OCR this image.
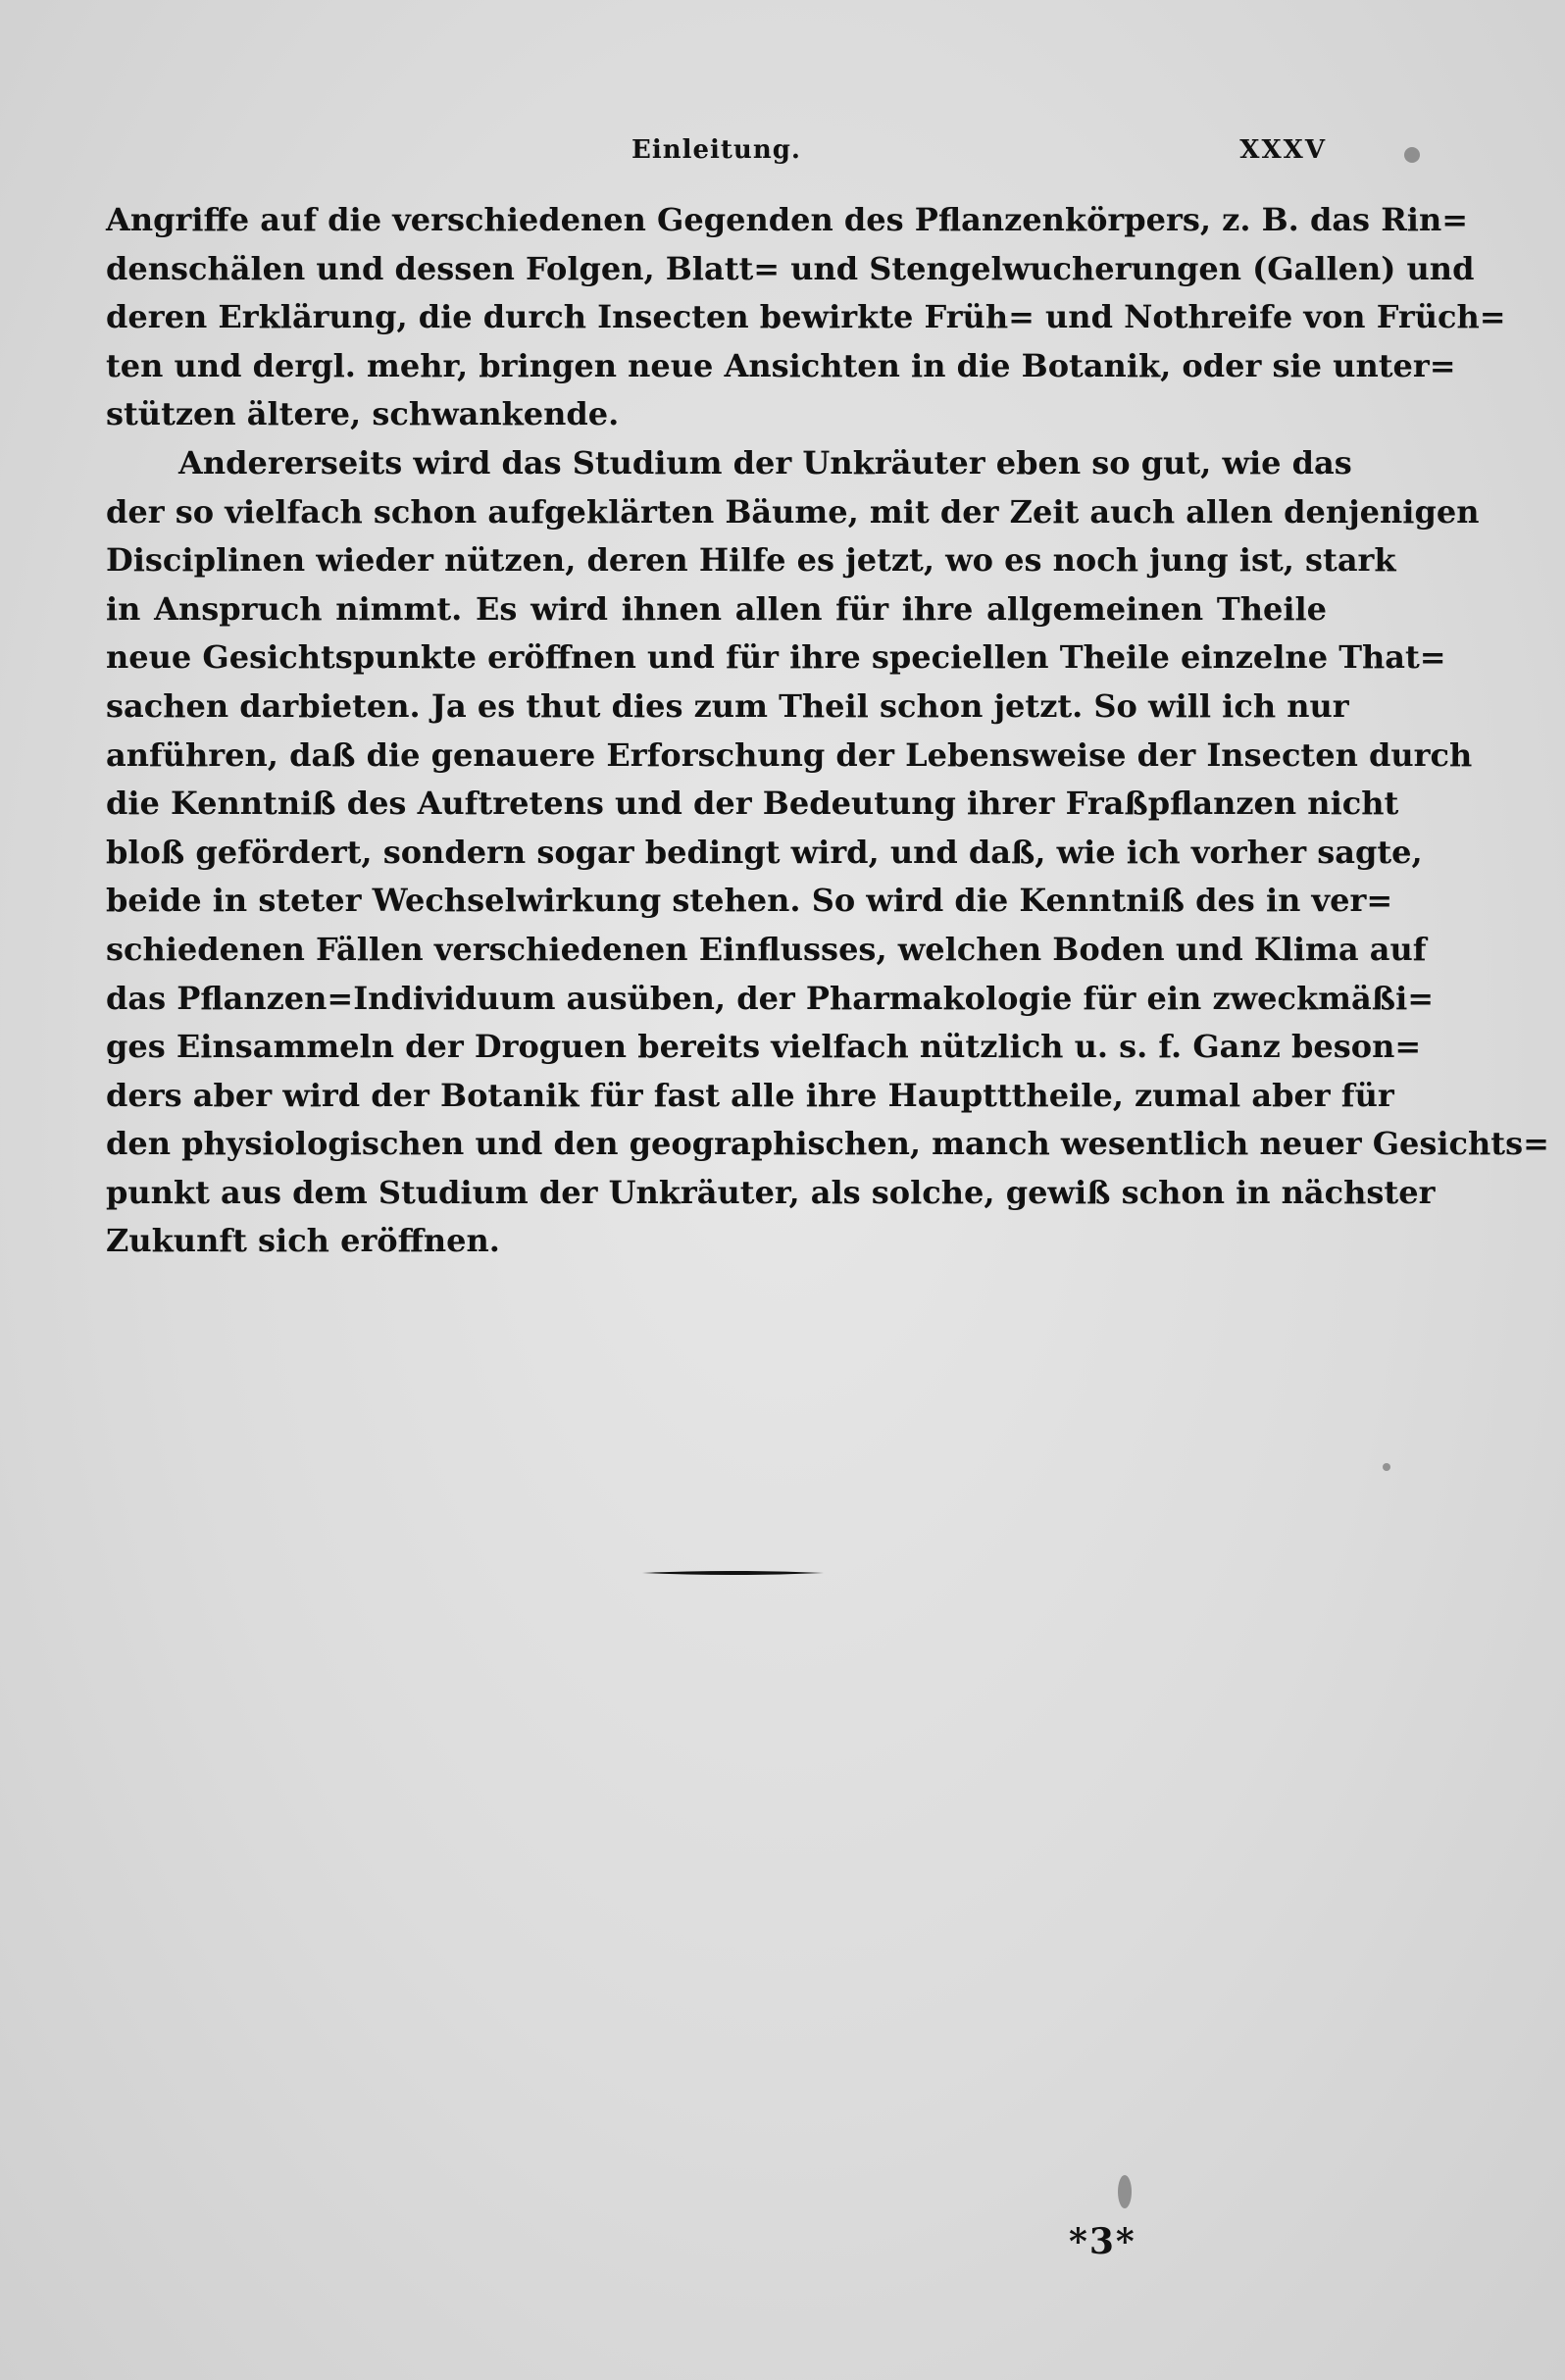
Einleitung.	XXXV
Angriffe auf die verschiedenen Gegenden des Pflanzenkörpers, z. B. das Rin=
denschälen und dessen Folgen, Blatt= und Stengelwucherungen (Gallen) und
deren Erklärung, die durch Insecten bewirkte Früh= und Nothreife von Früch=
ten und dergl. mehr, bringen neue Ansichten in die Botanik, oder sie unter=
stützen ältere, schwankende.
Andererseits wird das Studium der Unkräuter eben so gut, wie das
der so vielfach schon aufgeklärten Bäume, mit der Zeit auch allen denjenigen
Disciplinen wieder nützen, deren Hilfe es jetzt, wo es noch jung ist, stark
in Anspruch nimmt. Es wird ihnen allen für ihre allgemeinen Theile
neue Gesichtspunkte eröffnen und für ihre speciellen Theile einzelne That=
sachen darbieten. Ja es thut dies zum Theil schon jetzt. So will ich nur
anführen, daß die genauere Erforschung der Lebensweise der Insecten durch
die Kenntniß des Auftretens und der Bedeutung ihrer Fraßpflanzen nicht
bloß gefördert, sondern sogar bedingt wird, und daß, wie ich vorher sagte,
beide in steter Wechselwirkung stehen. So wird die Kenntniß des in ver=
schiedenen Fällen verschiedenen Einflusses, welchen Boden und Klima auf
das Pflanzen=Individuum ausüben, der Pharmakologie für ein zweckmäßi=
ges Einsammeln der Droguen bereits vielfach nützlich u. s. f. Ganz beson=
ders aber wird der Botanik für fast alle ihre Hauptttheile, zumal aber für
den physiologischen und den geographischen, manch wesentlich neuer Gesichts=
punkt aus dem Studium der Unkräuter, als solche, gewiß schon in nächster
Zukunft sich eröffnen.
*3*
